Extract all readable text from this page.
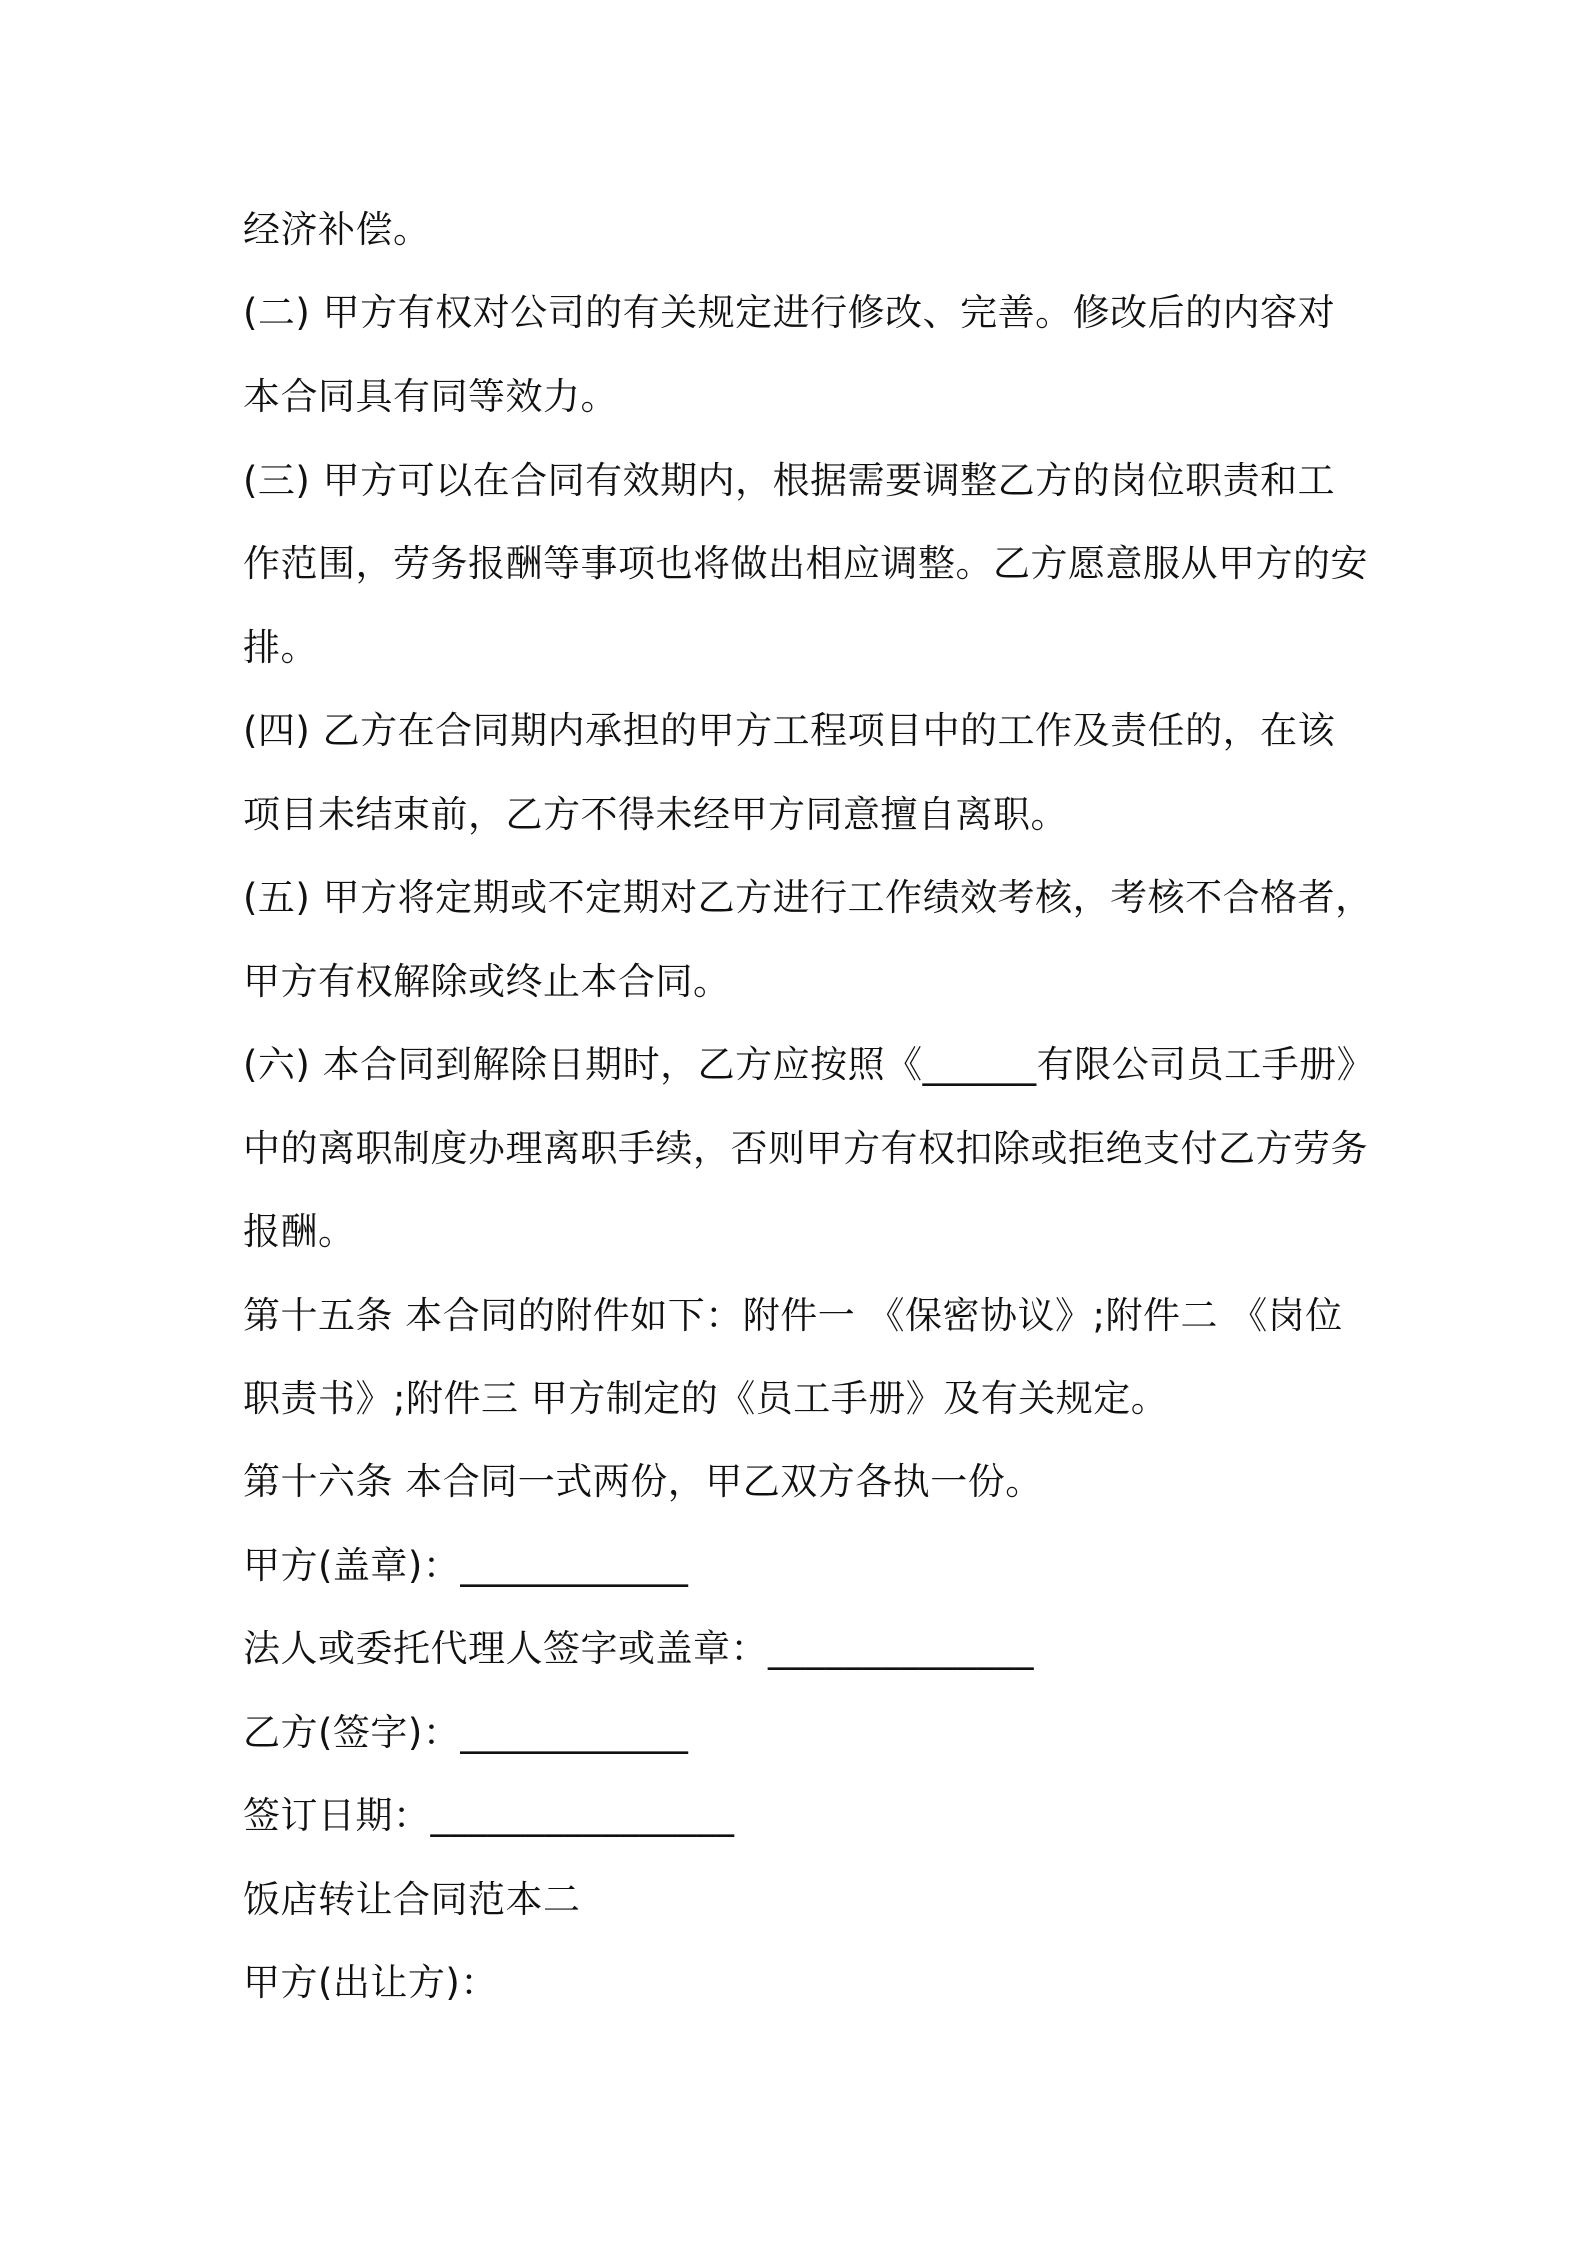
经济补偿。
(二) 甲方有权对公司的有关规定进行修改、完善。修改后的内容对
本合同具有同等效力。
(三) 甲方可以在合同有效期内，根据需要调整乙方的岗位职责和工
作范围，劳务报酬等事项也将做出相应调整。乙方愿意服从甲方的安
排。
(四) 乙方在合同期内承担的甲方工程项目中的工作及责任的，在该
项目未结束前，乙方不得未经甲方同意擅自离职。
(五) 甲方将定期或不定期对乙方进行工作绩效考核，考核不合格者，
甲方有权解除或终止本合同。
(六) 本合同到解除日期时，乙方应按照《______有限公司员工手册》
中的离职制度办理离职手续，否则甲方有权扣除或拒绝支付乙方劳务
报酬。
第十五条 本合同的附件如下：附件一 《保密协议》;附件二 《岗位
职责书》;附件三 甲方制定的《员工手册》及有关规定。
第十六条 本合同一式两份，甲乙双方各执一份。
甲方(盖章)：____________
法人或委托代理人签字或盖章：______________
乙方(签字)：____________
签订日期：________________
饭店转让合同范本二
甲方(出让方)：
